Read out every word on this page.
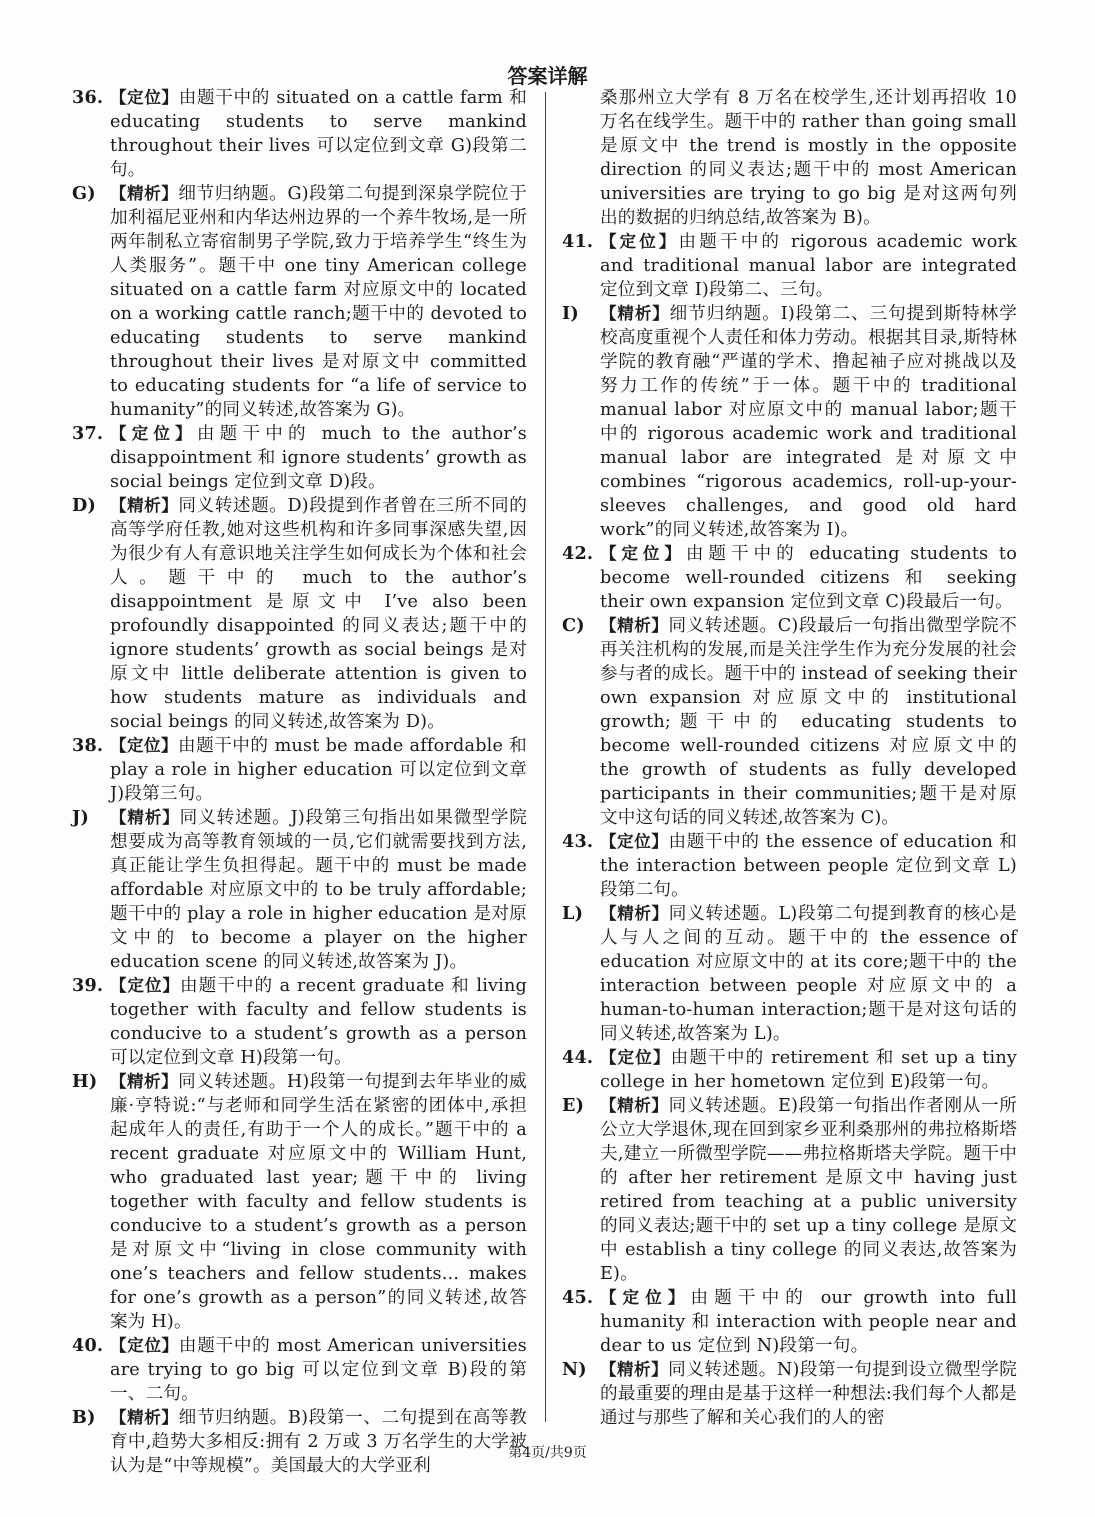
答案详解
36. 【定位】由题干中的 situated on a cattle farm 和 educating students to serve mankind throughout their lives 可以定位到文章 G)段第二句。
G) 【精析】细节归纳题。G)段第二句提到深泉学院位于加利福尼亚州和内华达州边界的一个养牛牧场,是一所两年制私立寄宿制男子学院,致力于培养学生“终生为人类服务”。题干中 one tiny American college situated on a cattle farm 对应原文中的 located on a working cattle ranch;题干中的 devoted to educating students to serve mankind throughout their lives 是对原文中 committed to educating students for “a life of service to humanity”的同义转述,故答案为 G)。
37. 【定位】由题干中的 much to the author’s disappointment 和 ignore students’ growth as social beings 定位到文章 D)段。
D) 【精析】同义转述题。D)段提到作者曾在三所不同的高等学府任教,她对这些机构和许多同事深感失望,因为很少有人有意识地关注学生如何成长为个体和社会人。题干中的 much to the author’s disappointment 是原文中 I’ve also been profoundly disappointed 的同义表达;题干中的 ignore students’ growth as social beings 是对原文中 little deliberate attention is given to how students mature as individuals and social beings 的同义转述,故答案为 D)。
38. 【定位】由题干中的 must be made affordable 和 play a role in higher education 可以定位到文章 J)段第三句。
J) 【精析】同义转述题。J)段第三句指出如果微型学院想要成为高等教育领域的一员,它们就需要找到方法,真正能让学生负担得起。题干中的 must be made affordable 对应原文中的 to be truly affordable;题干中的 play a role in higher education 是对原文中的 to become a player on the higher education scene 的同义转述,故答案为 J)。
39. 【定位】由题干中的 a recent graduate 和 living together with faculty and fellow students is conducive to a student’s growth as a person 可以定位到文章 H)段第一句。
H) 【精析】同义转述题。H)段第一句提到去年毕业的威廉·亨特说:“与老师和同学生活在紧密的团体中,承担起成年人的责任,有助于一个人的成长。”题干中的 a recent graduate 对应原文中的 William Hunt, who graduated last year;题干中的 living together with faculty and fellow students is conducive to a student’s growth as a person 是对原文中“living in close community with one’s teachers and fellow students... makes for one’s growth as a person”的同义转述,故答案为 H)。
40. 【定位】由题干中的 most American universities are trying to go big 可以定位到文章 B)段的第一、二句。
B) 【精析】细节归纳题。B)段第一、二句提到在高等教育中,趋势大多相反:拥有 2 万或 3 万名学生的大学被认为是“中等规模”。美国最大的大学亚利
桑那州立大学有 8 万名在校学生,还计划再招收 10 万名在线学生。题干中的 rather than going small 是原文中 the trend is mostly in the opposite direction 的同义表达;题干中的 most American universities are trying to go big 是对这两句列出的数据的归纳总结,故答案为 B)。
41. 【定位】由题干中的 rigorous academic work and traditional manual labor are integrated 定位到文章 I)段第二、三句。
I) 【精析】细节归纳题。I)段第二、三句提到斯特林学校高度重视个人责任和体力劳动。根据其目录,斯特林学院的教育融“严谨的学术、撸起袖子应对挑战以及努力工作的传统”于一体。题干中的 traditional manual labor 对应原文中的 manual labor;题干中的 rigorous academic work and traditional manual labor are integrated 是对原文中 combines “rigorous academics, roll-up-your-sleeves challenges, and good old hard work”的同义转述,故答案为 I)。
42. 【定位】由题干中的 educating students to become well-rounded citizens 和 seeking their own expansion 定位到文章 C)段最后一句。
C) 【精析】同义转述题。C)段最后一句指出微型学院不再关注机构的发展,而是关注学生作为充分发展的社会参与者的成长。题干中的 instead of seeking their own expansion 对应原文中的 institutional growth;题干中的 educating students to become well-rounded citizens 对应原文中的 the growth of students as fully developed participants in their communities;题干是对原文中这句话的同义转述,故答案为 C)。
43. 【定位】由题干中的 the essence of education 和 the interaction between people 定位到文章 L)段第二句。
L) 【精析】同义转述题。L)段第二句提到教育的核心是人与人之间的互动。题干中的 the essence of education 对应原文中的 at its core;题干中的 the interaction between people 对应原文中的 a human-to-human interaction;题干是对这句话的同义转述,故答案为 L)。
44. 【定位】由题干中的 retirement 和 set up a tiny college in her hometown 定位到 E)段第一句。
E) 【精析】同义转述题。E)段第一句指出作者刚从一所公立大学退休,现在回到家乡亚利桑那州的弗拉格斯塔夫,建立一所微型学院——弗拉格斯塔夫学院。题干中的 after her retirement 是原文中 having just retired from teaching at a public university 的同义表达;题干中的 set up a tiny college 是原文中 establish a tiny college 的同义表达,故答案为 E)。
45. 【定位】由题干中的 our growth into full humanity 和 interaction with people near and dear to us 定位到 N)段第一句。
N) 【精析】同义转述题。N)段第一句提到设立微型学院的最重要的理由是基于这样一种想法:我们每个人都是通过与那些了解和关心我们的人的密
第4页/共9页
